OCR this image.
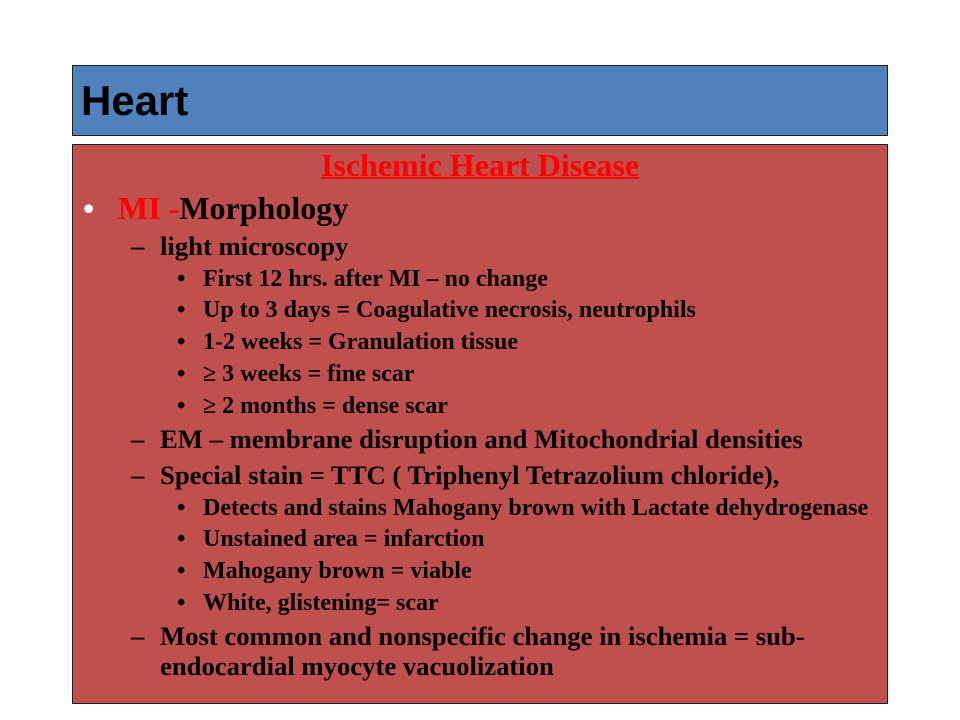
Heart
Ischemic Heart Disease
• MI -Morphology
– light microscopy
• First 12 hrs. after MI – no change
• Up to 3 days = Coagulative necrosis, neutrophils
• 1-2 weeks = Granulation tissue
• ≥ 3 weeks = fine scar
• ≥ 2 months = dense scar
– EM – membrane disruption and Mitochondrial densities
– Special stain = TTC ( Triphenyl Tetrazolium chloride),
• Detects and stains Mahogany brown with Lactate dehydrogenase
• Unstained area = infarction
• Mahogany brown = viable
• White, glistening= scar
– Most common and nonspecific change in ischemia = sub-endocardial myocyte vacuolization
